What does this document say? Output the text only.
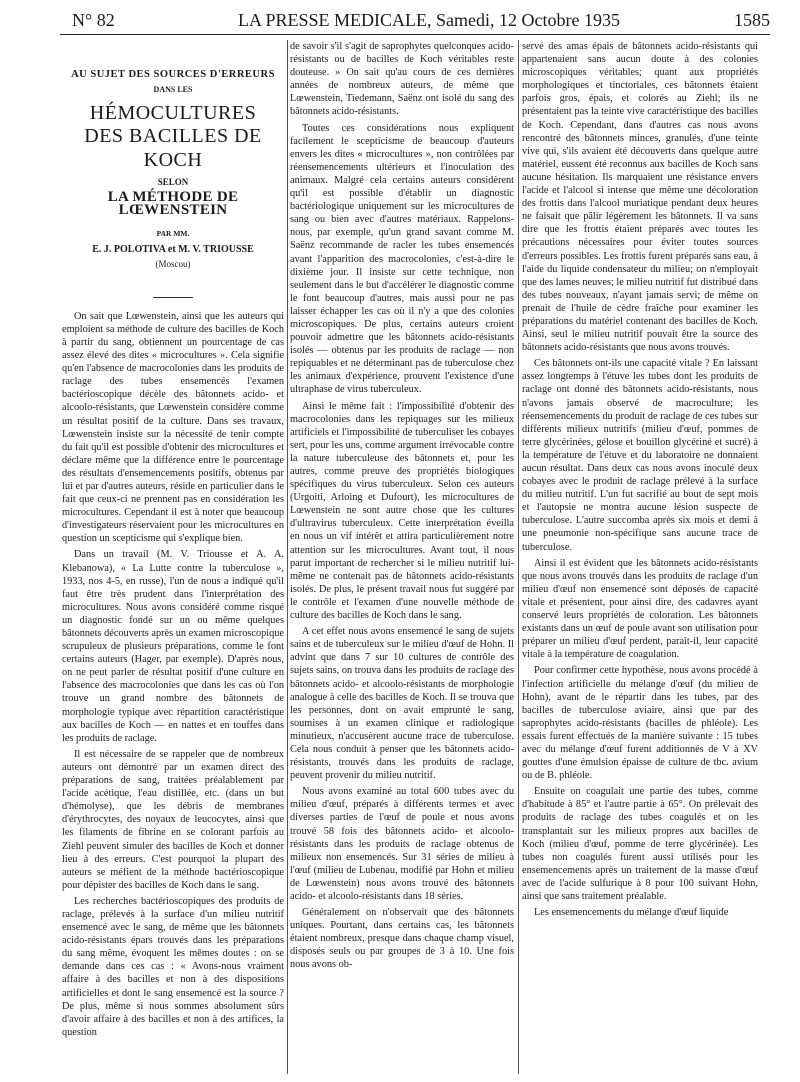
N° 82	LA PRESSE MEDICALE, Samedi, 12 Octobre 1935	1585
AU SUJET DES SOURCES D'ERREURS
DANS LES
HÉMOCULTURES
DES BACILLES DE KOCH
SELON
LA MÉTHODE DE LŒWENSTEIN
PAR MM.
E. J. POLOTIVA et M. V. TRIOUSSE
(Moscou)

On sait que Lœwenstein, ainsi que les auteurs qui emploient sa méthode de culture des bacilles de Koch à partir du sang, obtiennent un pourcentage de cas assez élevé des dites « microcultures ». Cela signifie qu'en l'absence de macrocolonies dans les produits de raclage des tubes ensemencés l'examen bactérioscopique décèle des bâtonnets acido- et alcoolo-résistants, que Lœwenstein considère comme un résultat positif de la culture. Dans ses travaux, Lœwenstein insiste sur la nécessité de tenir compte du fait qu'il est possible d'obtenir des microcultures et déclare même que la différence entre le pourcentage des résultats d'ensemencements positifs, obtenus par lui et par d'autres auteurs, réside en particulier dans le fait que ceux-ci ne prennent pas en considération les microcultures. Cependant il est à noter que beaucoup d'investigateurs réservaient pour les microcultures en question un scepticisme qui s'explique bien.

Dans un travail (M. V. Triousse et A. A. Klebanowa), « La Lutte contre la tuberculose », 1933, nos 4-5, en russe), l'un de nous a indiqué qu'il faut être très prudent dans l'interprétation des microcultures. Nous avons considéré comme risqué un diagnostic fondé sur un ou même quelques bâtonnets découverts après un examen microscopique scrupuleux de plusieurs préparations, comme le font certains auteurs (Hager, par exemple). D'après nous, on ne peut parler de résultat positif d'une culture en l'absence des macrocolonies que dans les cas où l'on trouve un grand nombre des bâtonnets de morphologie typique avec répartition caractéristique aux bacilles de Koch — en nattes et en touffes dans les produits de raclage.

Il est nécessaire de se rappeler que de nombreux auteurs ont démontré par un examen direct des préparations de sang, traitées préalablement par l'acide acétique, l'eau distillée, etc. (dans un but d'hémolyse), que les débris de membranes d'érythrocytes, des noyaux de leucocytes, ainsi que les filaments de fibrine en se colorant parfois au Ziehl peuvent simuler des bacilles de Koch et donner lieu à des erreurs. C'est pourquoi la plupart des auteurs se méfient de la méthode bactérioscopique pour dépister des bacilles de Koch dans le sang.

Les recherches bactérioscopiques des produits de raclage, prélevés à la surface d'un milieu nutritif ensemencé avec le sang, de même que les bâtonnets acido-résistants épars trouvés dans les préparations du sang même, évoquent les mêmes doutes : on se demande dans ces cas : « Avons-nous vraiment affaire à des bacilles et non à des dispositions artificielles et dont le sang ensemencé est la source ? De plus, même si nous sommes absolument sûrs d'avoir affaire à des bacilles et non à des artifices, la question

de savoir s'il s'agit de saprophytes quelconques acido-résistants ou de bacilles de Koch véritables reste douteuse. » On sait qu'au cours de ces dernières années de nombreux auteurs, de même que Lœwenstein, Tiedemann, Saënz ont isolé du sang des bâtonnets acido-résistants.

Toutes ces considérations nous expliquent facilement le scepticisme de beaucoup d'auteurs envers les dites « microcultures », non contrôlées par réensemencements ultérieurs et l'inoculation des animaux. Malgré cela certains auteurs considèrent qu'il est possible d'établir un diagnostic bactériologique uniquement sur les microcultures de sang ou bien avec d'autres matériaux. Rappelons-nous, par exemple, qu'un grand savant comme M. Saënz recommande de racler les tubes ensemencés avant l'apparition des macrocolonies, c'est-à-dire le dixième jour. Il insiste sur cette technique, non seulement dans le but d'accélérer le diagnostic comme le font beaucoup d'autres, mais aussi pour ne pas laisser échapper les cas où il n'y a que des colonies microscopiques. De plus, certains auteurs croient pouvoir admettre que les bâtonnets acido-résistants isolés — obtenus par les produits de raclage — non repiquables et ne déterminant pas de tuberculose chez les animaux d'expérience, prouvent l'existence d'une ultraphase de virus tuberculeux.

Ainsi le même fait : l'impossibilité d'obtenir des macrocolonies dans les repiquages sur les milieux artificiels et l'impossibilité de tuberculiser les cobayes sert, pour les uns, comme argument irrévocable contre la nature tuberculeuse des bâtonnets et, pour les autres, comme preuve des propriétés biologiques spécifiques du virus tuberculeux. Selon ces auteurs (Urgoiti, Arloing et Dufourt), les microcultures de Lœwenstein ne sont autre chose que les cultures d'ultravirus tuberculeux. Cette interprétation éveilla en nous un vif intérêt et attira particulièrement notre attention sur les microcultures. Avant tout, il nous parut important de rechercher si le milieu nutritif lui-même ne contenait pas de bâtonnets acido-résistants isolés. De plus, le présent travail nous fut suggéré par le contrôle et l'examen d'une nouvelle méthode de culture des bacilles de Koch dans le sang.

A cet effet nous avons ensemencé le sang de sujets sains et de tuberculeux sur le milieu d'œuf de Hohn. Il advint que dans 7 sur 10 cultures de contrôle des sujets sains, on trouva dans les produits de raclage des bâtonnets acido- et alcoolo-résistants de morphologie analogue à celle des bacilles de Koch. Il se trouva que les personnes, dont on avait emprunté le sang, soumises à un examen clinique et radiologique minutieux, n'accusèrent aucune trace de tuberculose. Cela nous conduit à penser que les bâtonnets acido-résistants, trouvés dans les produits de raclage, peuvent provenir du milieu nutritif.

Nous avons examiné au total 600 tubes avec du milieu d'œuf, préparés à différents termes et avec diverses parties de l'œuf de poule et nous avons trouvé 58 fois des bâtonnets acido- et alcoolo-résistants dans les produits de raclage obtenus de milieux non ensemencés. Sur 31 séries de milieu à l'œuf (milieu de Lubenau, modifié par Hohn et milieu de Lœwenstein) nous avons trouvé des bâtonnets acido- et alcoolo-résistants dans 18 séries.

Généralement on n'observait que des bâtonnets uniques. Pourtant, dans certains cas, les bâtonnets étaient nombreux, presque dans chaque champ visuel, disposés seuls ou par groupes de 3 à 10. Une fois nous avons ob-

servé des amas épais de bâtonnets acido-résistants qui appartenaient sans aucun doute à des colonies microscopiques véritables; quant aux propriétés morphologiques et tinctoriales, ces bâtonnets étaient parfois gros, épais, et colorés au Ziehl; ils ne présentaient pas la teinte vive caractéristique des bacilles de Koch. Cependant, dans d'autres cas nous avons rencontré des bâtonnets minces, granulés, d'une teinte vive qui, s'ils avaient été découverts dans quelque autre matériel, eussent été reconnus aux bacilles de Koch sans aucune hésitation. Ils marquaient une résistance envers l'acide et l'alcool si intense que même une décoloration des frottis dans l'alcool muriatique pendant deux heures ne faisait que pâlir légèrement les bâtonnets. Il va sans dire que les frottis étaient préparés avec toutes les précautions nécessaires pour éviter toutes sources d'erreurs possibles. Les frottis furent préparés sans eau, à l'aide du liquide condensateur du milieu; on n'employait que des lames neuves; le milieu nutritif fut distribué dans des tubes nouveaux, n'ayant jamais servi; de même on prenait de l'huile de cèdre fraîche pour examiner les préparations du matériel contenant des bacilles de Koch. Ainsi, seul le milieu nutritif pouvait être la source des bâtonnets acido-résistants que nous avons trouvés.

Ces bâtonnets ont-ils une capacité vitale ? En laissant assez longtemps à l'étuve les tubes dont les produits de raclage ont donné des bâtonnets acido-résistants, nous n'avons jamais observé de macroculture; les réensemencements du produit de raclage de ces tubes sur différents milieux nutritifs (milieu d'œuf, pommes de terre glycérinées, gélose et bouillon glycériné et sucré) à la température de l'étuve et du laboratoire ne donnaient aucun résultat. Dans deux cas nous avons inoculé deux cobayes avec le produit de raclage prélevé à la surface du milieu nutritif. L'un fut sacrifié au bout de sept mois et l'autopsie ne montra aucune lésion suspecte de tuberculose. L'autre succomba après six mois et demi à une pneumonie non-spécifique sans aucune trace de tuberculose.

Ainsi il est évident que les bâtonnets acido-résistants que nous avons trouvés dans les produits de raclage d'un milieu d'œuf non ensemencé sont déposés de capacité vitale et présentent, pour ainsi dire, des cadavres ayant conservé leurs propriétés de coloration. Les bâtonnets existants dans un œuf de poule avant son utilisation pour préparer un milieu d'œuf perdent, paraît-il, leur capacité vitale à la température de coagulation.

Pour confirmer cette hypothèse, nous avons procédé à l'infection artificielle du mélange d'œuf (du milieu de Hohn), avant de le répartir dans les tubes, par des bacilles de tuberculose aviaire, ainsi que par des saprophytes acido-résistants (bacilles de phléole). Les essais furent effectués de la manière suivante : 15 tubes avec du mélange d'œuf furent additionnés de V à XV gouttes d'une émulsion épaisse de culture de tbc. avium ou de B. phléole.

Ensuite on coagulait une partie des tubes, comme d'habitude à 85° et l'autre partie à 65°. On prélevait des produits de raclage des tubes coagulés et on les transplantait sur les milieux propres aux bacilles de Koch (milieu d'œuf, pomme de terre glycérinée). Les tubes non coagulés furent aussi utilisés pour les ensemencements après un traitement de la masse d'œuf avec de l'acide sulfurique à 8 pour 100 suivant Hohn, ainsi que sans traitement préalable.

Les ensemencements du mélange d'œuf liquide
